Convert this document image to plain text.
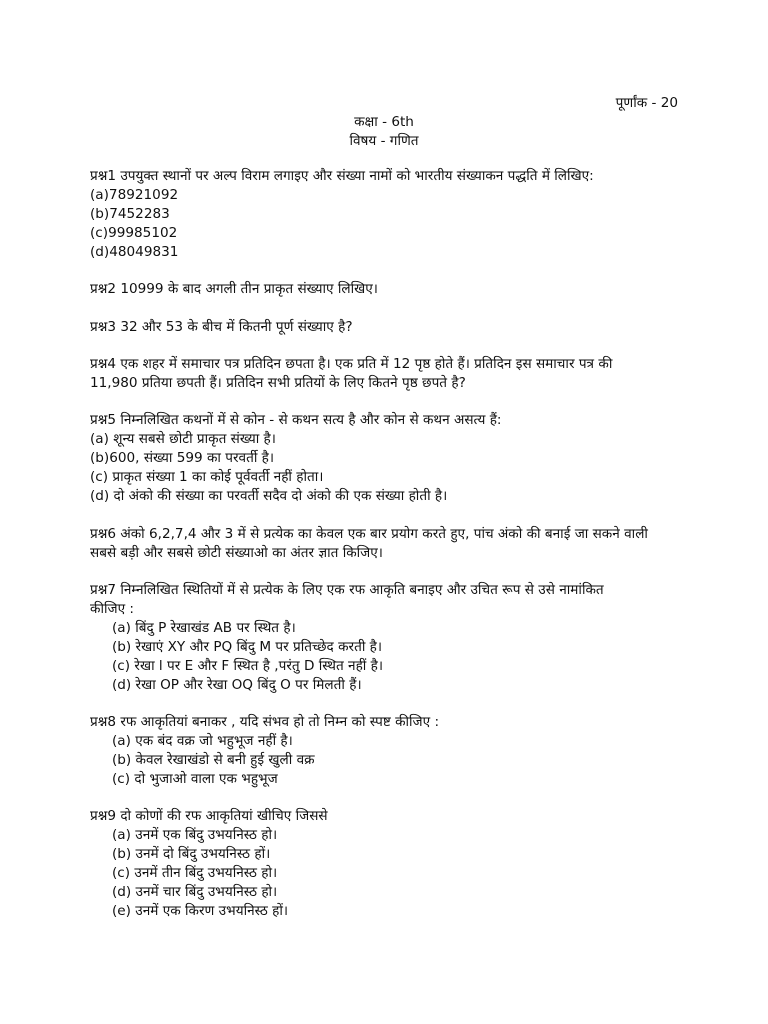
पूर्णांक - 20
कक्षा - 6th
विषय - गणित
प्रश्न1 उपयुक्त स्थानों पर अल्प विराम लगाइए और संख्या नामों को भारतीय संख्याकन पद्धति में लिखिए:
(a)78921092
(b)7452283
(c)99985102
(d)48049831
प्रश्न2 10999 के बाद अगली तीन प्राकृत संख्याए लिखिए।
प्रश्न3 32 और 53 के बीच में कितनी पूर्ण संख्याए है?
प्रश्न4 एक शहर में समाचार पत्र प्रतिदिन छपता है। एक प्रति में 12 पृष्ठ होते हैं। प्रतिदिन इस समाचार पत्र की
11,980 प्रतिया छपती हैं। प्रतिदिन सभी प्रतियों के लिए कितने पृष्ठ छपते है?
प्रश्न5 निम्नलिखित कथनों में से कोन - से कथन सत्य है और कोन से कथन असत्य हैं:
(a) शून्य सबसे छोटी प्राकृत संख्या है।
(b)600, संख्या 599 का परवर्ती है।
(c) प्राकृत संख्या 1 का कोई पूर्ववर्ती नहीं होता।
(d) दो अंको की संख्या का परवर्ती सदैव दो अंको की एक संख्या होती है।
प्रश्न6 अंको 6,2,7,4 और 3 में से प्रत्येक का केवल एक बार प्रयोग करते हुए, पांच अंको की बनाई जा सकने वाली
सबसे बड़ी और सबसे छोटी संख्याओ का अंतर ज्ञात किजिए।
प्रश्न7 निम्नलिखित स्थितियों में से प्रत्येक के लिए एक रफ आकृति बनाइए और उचित रूप से उसे नामांकित
कीजिए :
(a) बिंदु P रेखाखंड AB पर स्थित है।
(b) रेखाएं XY और PQ बिंदु M पर प्रतिच्छेद करती है।
(c) रेखा l पर E और F स्थित है ,परंतु D स्थित नहीं है।
(d) रेखा OP और रेखा OQ बिंदु O पर मिलती हैं।
प्रश्न8 रफ आकृतियां बनाकर , यदि संभव हो तो निम्न को स्पष्ट कीजिए :
(a) एक बंद वक्र जो भहुभूज नहीं है।
(b) केवल रेखाखंडो से बनी हुई खुली वक्र
(c) दो भुजाओ वाला एक भहुभूज
प्रश्न9 दो कोणों की रफ आकृतियां खीचिए जिससे
(a) उनमें एक बिंदु उभयनिस्ठ हो।
(b) उनमें दो बिंदु उभयनिस्ठ हों।
(c) उनमें तीन बिंदु उभयनिस्ठ हो।
(d) उनमें चार बिंदु उभयनिस्ठ हो।
(e) उनमें एक किरण उभयनिस्ठ हों।
